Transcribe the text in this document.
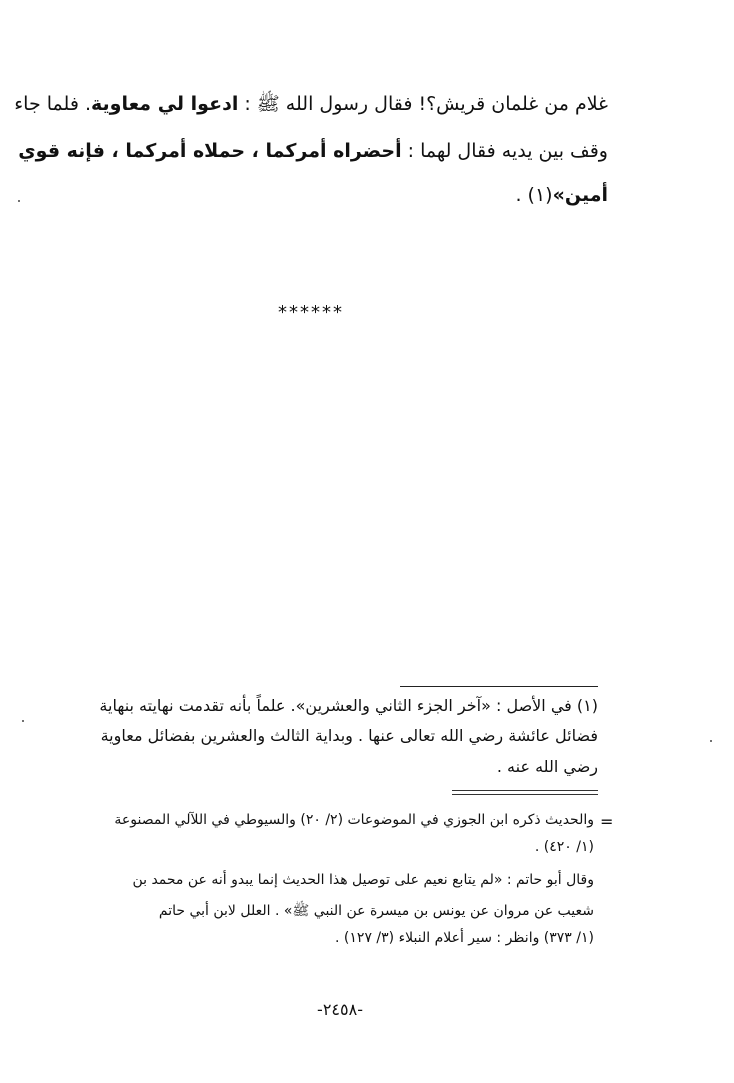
غلام من غلمان قريش؟! فقال رسول الله ﷺ : ادعوا لي معاوية. فلما جاء
وقف بين يديه فقال لهما : أحضراه أمركما ، حملاه أمركما ، فإنه قوي
أمين»(١) .
******
(١) في الأصل : «آخر الجزء الثاني والعشرين». علماً بأنه تقدمت نهايته بنهاية
فضائل عائشة رضي الله تعالى عنها . وبداية الثالث والعشرين بفضائل معاوية
رضي الله عنه .
=
والحديث ذكره ابن الجوزي في الموضوعات (٢/ ٢٠) والسيوطي في اللآلي المصنوعة
(١/ ٤٢٠) .
وقال أبو حاتم : «لم يتابع نعيم على توصيل هذا الحديث إنما يبدو أنه عن محمد بن
شعيب عن مروان عن يونس بن ميسرة عن النبي ﷺ» . العلل لابن أبي حاتم
(١/ ٣٧٣) وانظر : سير أعلام النبلاء (٣/ ١٢٧) .
-٢٤٥٨-
